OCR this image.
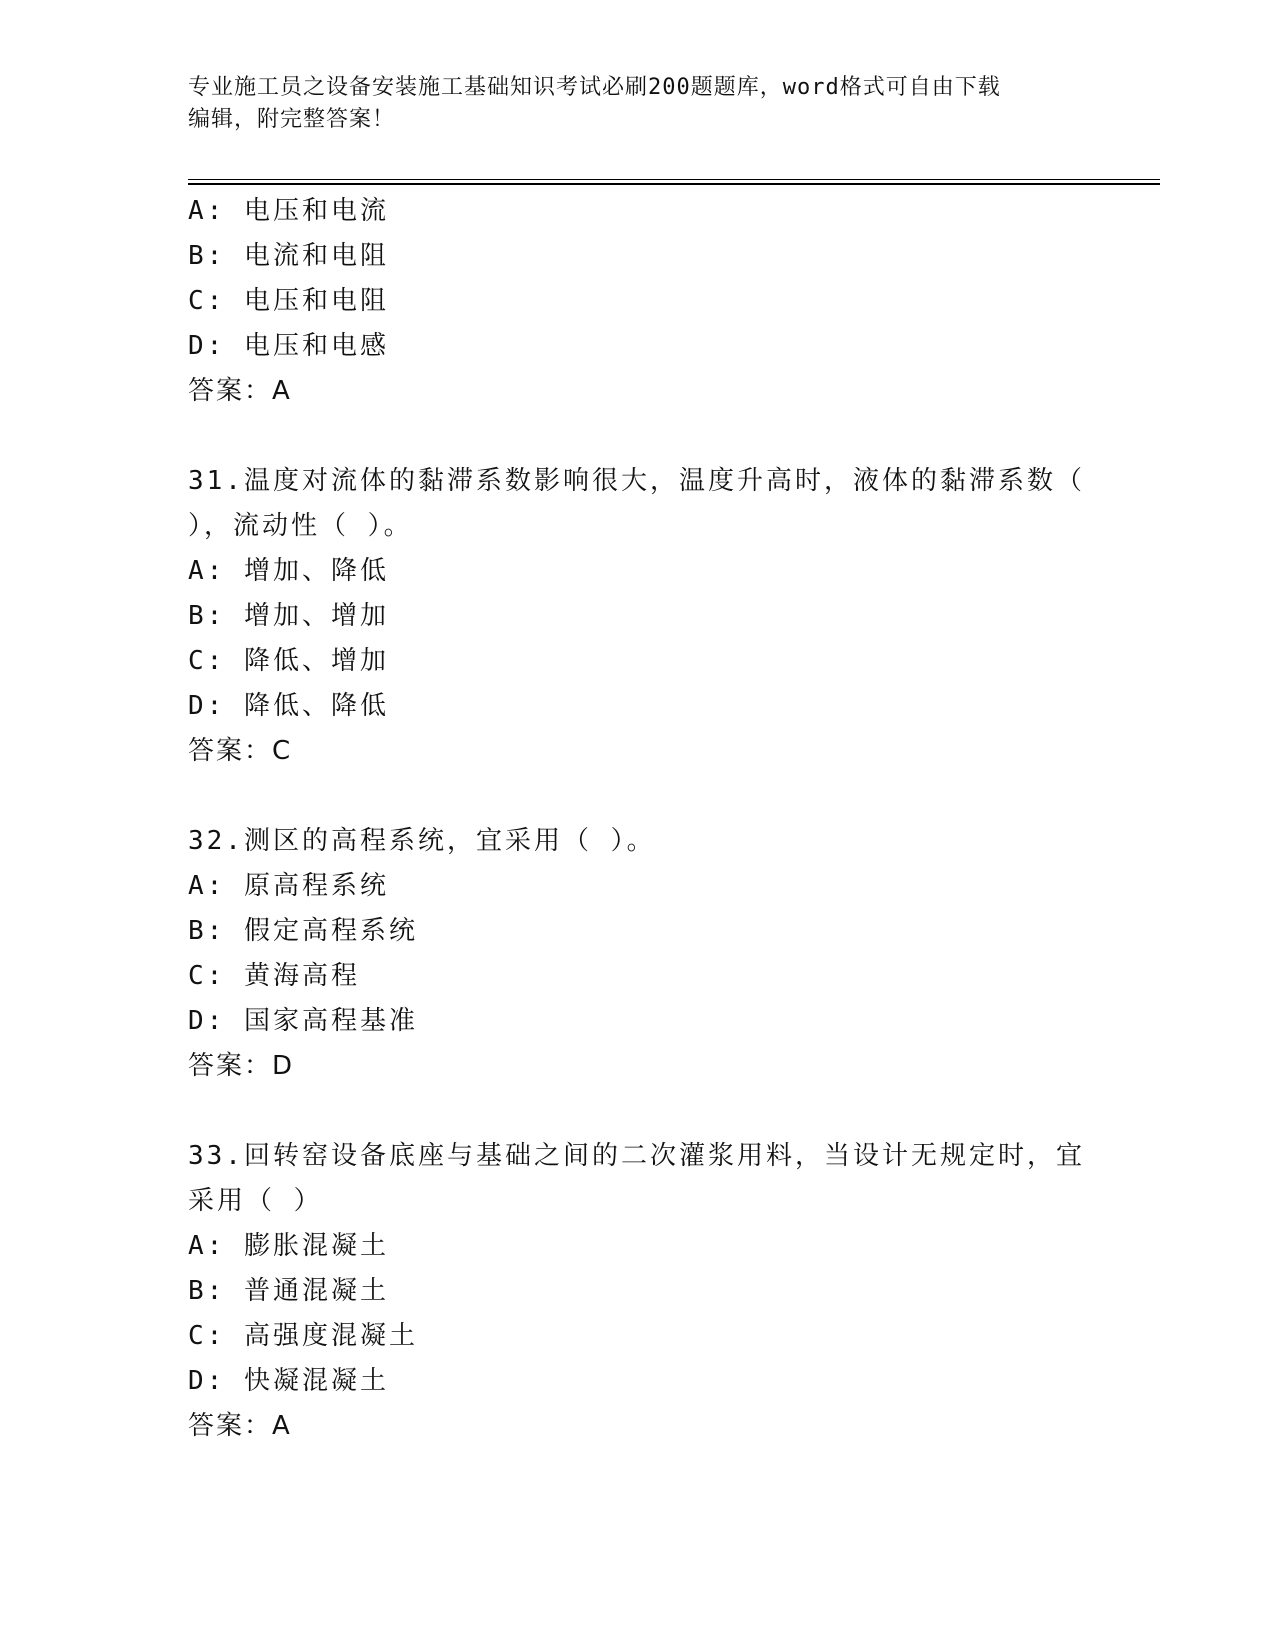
专业施工员之设备安装施工基础知识考试必刷200题题库，word格式可自由下载
编辑，附完整答案！
A: 电压和电流
B: 电流和电阻
C: 电压和电阻
D: 电压和电感
答案：A
31.温度对流体的黏滞系数影响很大，温度升高时，液体的黏滞系数（
），流动性（ ）。
A: 增加、降低
B: 增加、增加
C: 降低、增加
D: 降低、降低
答案：C
32.测区的高程系统，宜采用（ ）。
A: 原高程系统
B: 假定高程系统
C: 黄海高程
D: 国家高程基准
答案：D
33.回转窑设备底座与基础之间的二次灌浆用料，当设计无规定时，宜
采用（ ）
A: 膨胀混凝土
B: 普通混凝土
C: 高强度混凝土
D: 快凝混凝土
答案：A
